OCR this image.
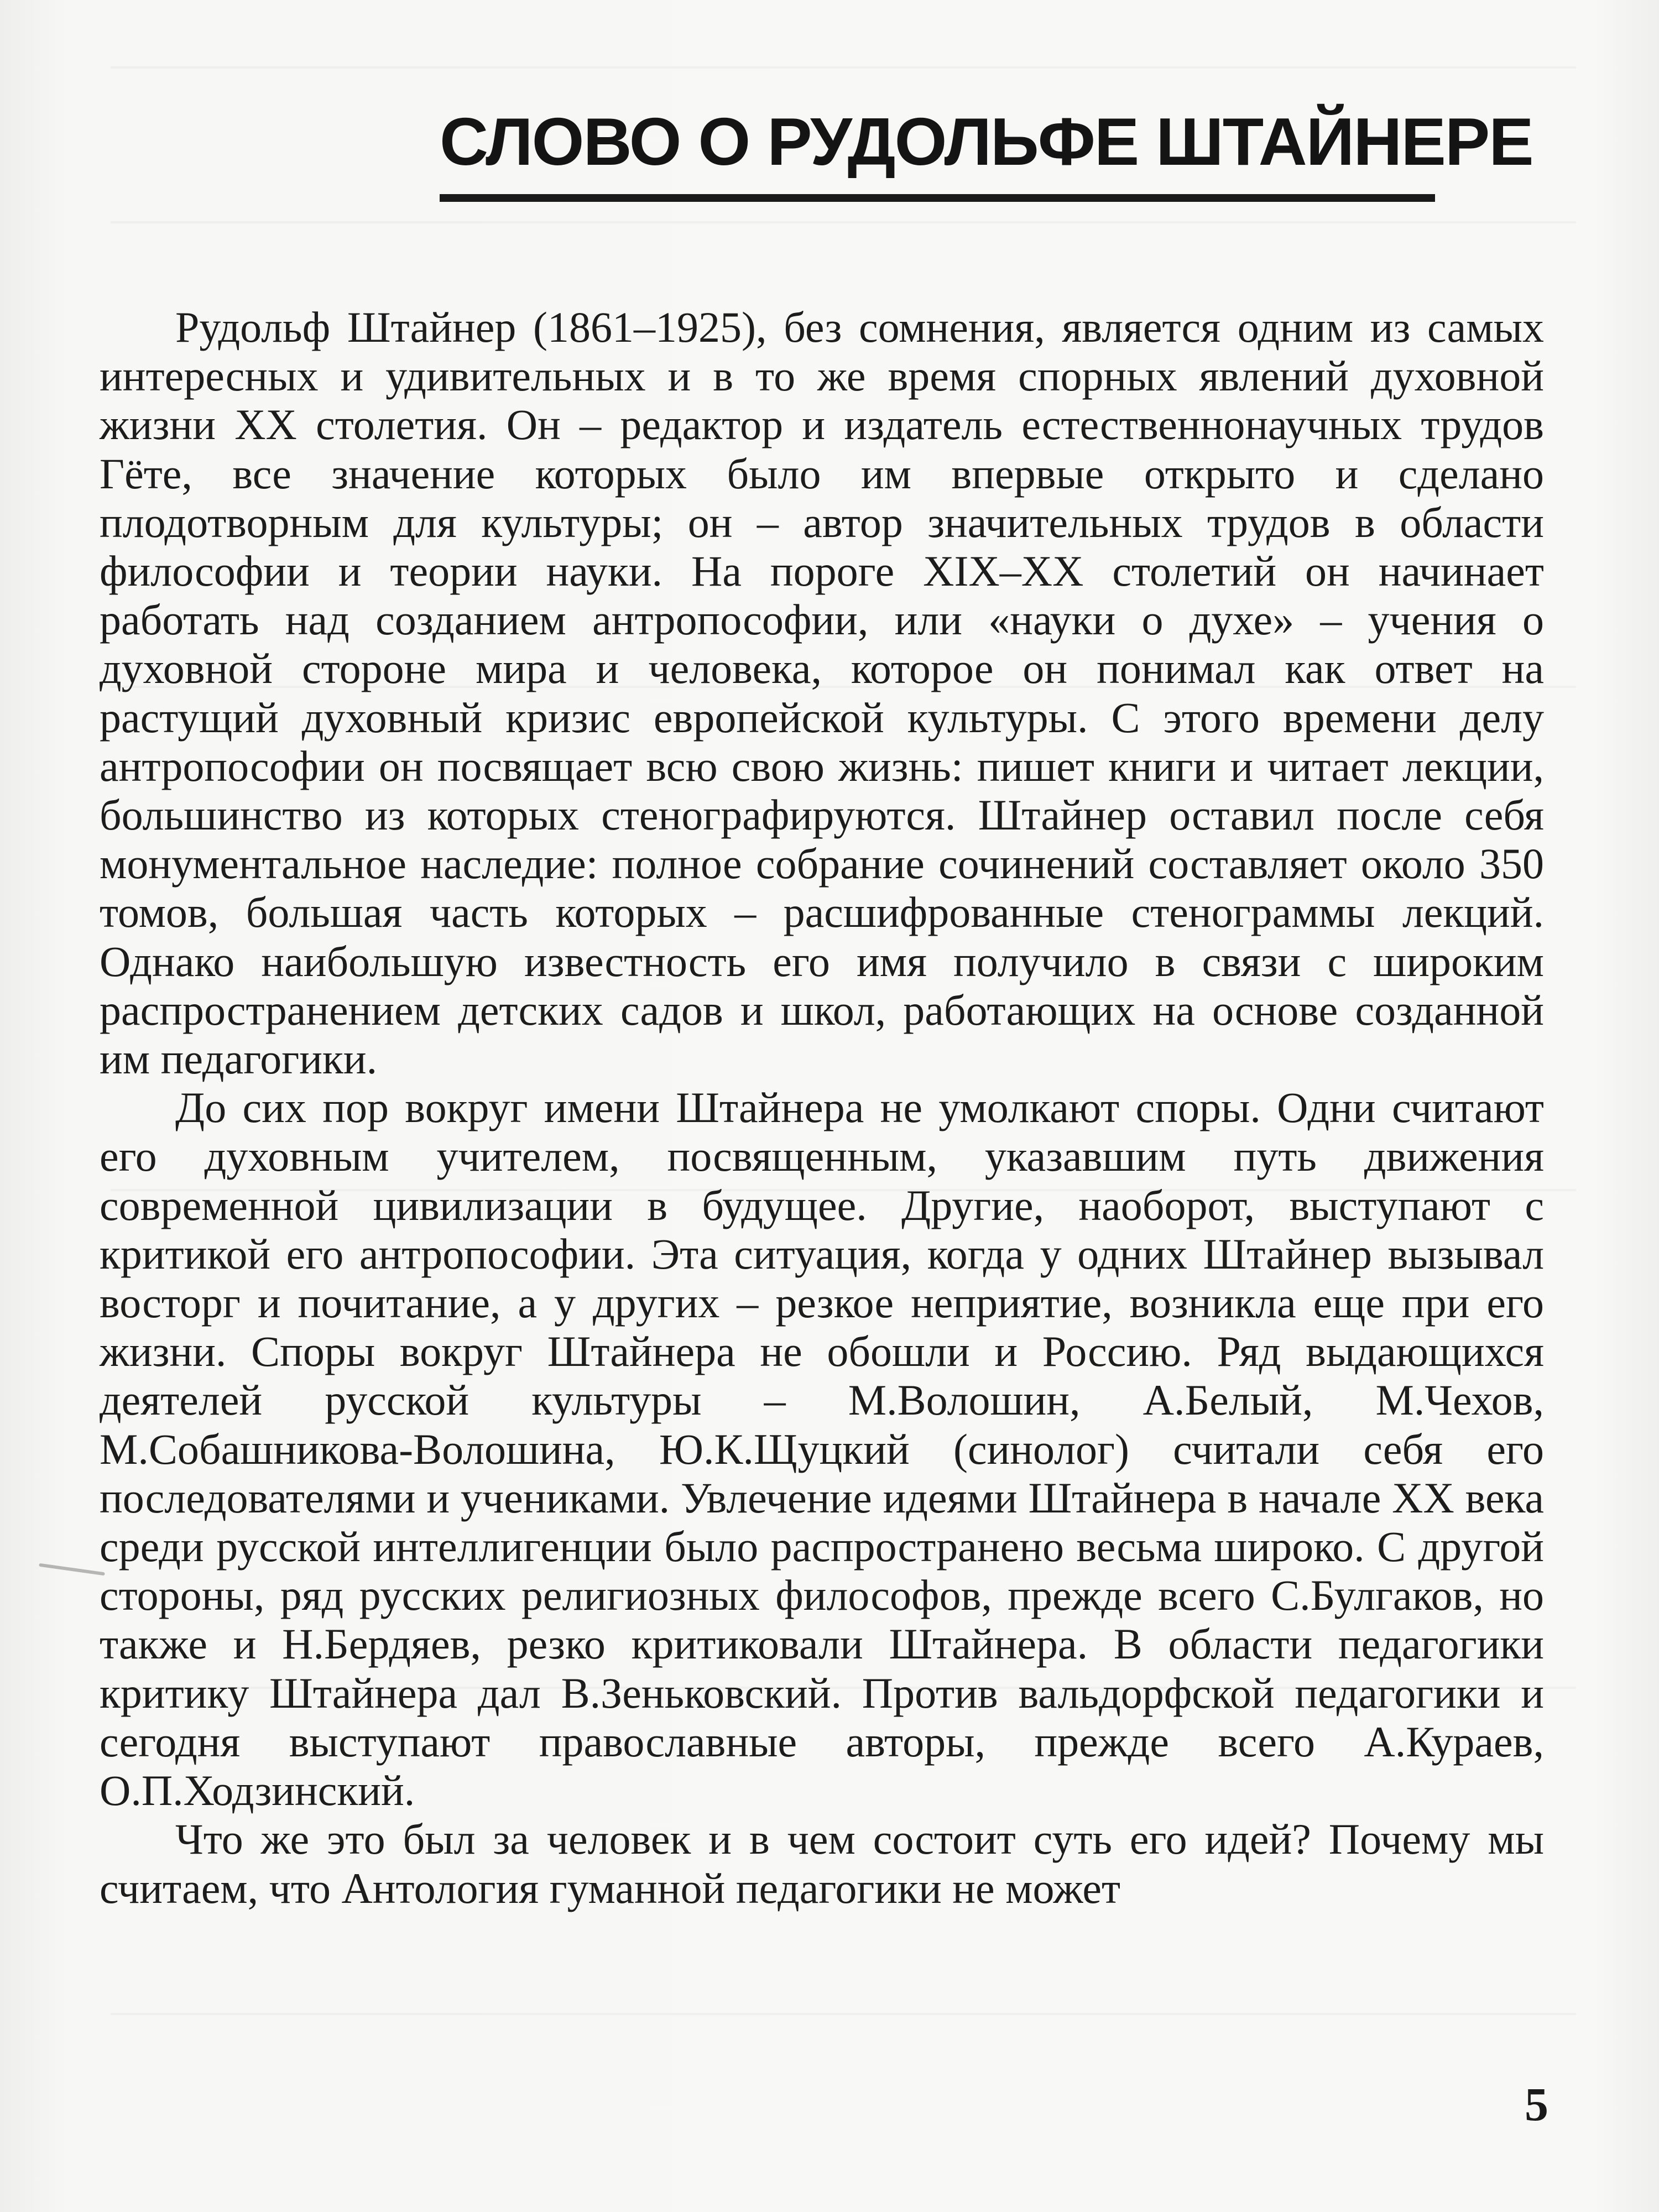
СЛОВО О РУДОЛЬФЕ ШТАЙНЕРЕ

Рудольф Штайнер (1861–1925), без сомнения, является одним из самых интересных и удивительных и в то же время спорных явлений духовной жизни XX столетия. Он – редактор и издатель естественнонаучных трудов Гёте, все значение которых было им впервые открыто и сделано плодотворным для культуры; он – автор значительных трудов в области философии и теории науки. На пороге XIX–XX столетий он начинает работать над созданием антропософии, или «науки о духе» – учения о духовной стороне мира и человека, которое он понимал как ответ на растущий духовный кризис европейской культуры. С этого времени делу антропософии он посвящает всю свою жизнь: пишет книги и читает лекции, большинство из которых стенографируются. Штайнер оставил после себя монументальное наследие: полное собрание сочинений составляет около 350 томов, большая часть которых – расшифрованные стенограммы лекций. Однако наибольшую известность его имя получило в связи с широким распространением детских садов и школ, работающих на основе созданной им педагогики.

До сих пор вокруг имени Штайнера не умолкают споры. Одни считают его духовным учителем, посвященным, указавшим путь движения современной цивилизации в будущее. Другие, наоборот, выступают с критикой его антропософии. Эта ситуация, когда у одних Штайнер вызывал восторг и почитание, а у других – резкое неприятие, возникла еще при его жизни. Споры вокруг Штайнера не обошли и Россию. Ряд выдающихся деятелей русской культуры – М.Волошин, А.Белый, М.Чехов, М.Собашникова-Волошина, Ю.К.Щуцкий (синолог) считали себя его последователями и учениками. Увлечение идеями Штайнера в начале XX века среди русской интеллигенции было распространено весьма широко. С другой стороны, ряд русских религиозных философов, прежде всего С.Булгаков, но также и Н.Бердяев, резко критиковали Штайнера. В области педагогики критику Штайнера дал В.Зеньковский. Против вальдорфской педагогики и сегодня выступают православные авторы, прежде всего А.Кураев, О.П.Ходзинский.

Что же это был за человек и в чем состоит суть его идей? Почему мы считаем, что Антология гуманной педагогики не может

5
